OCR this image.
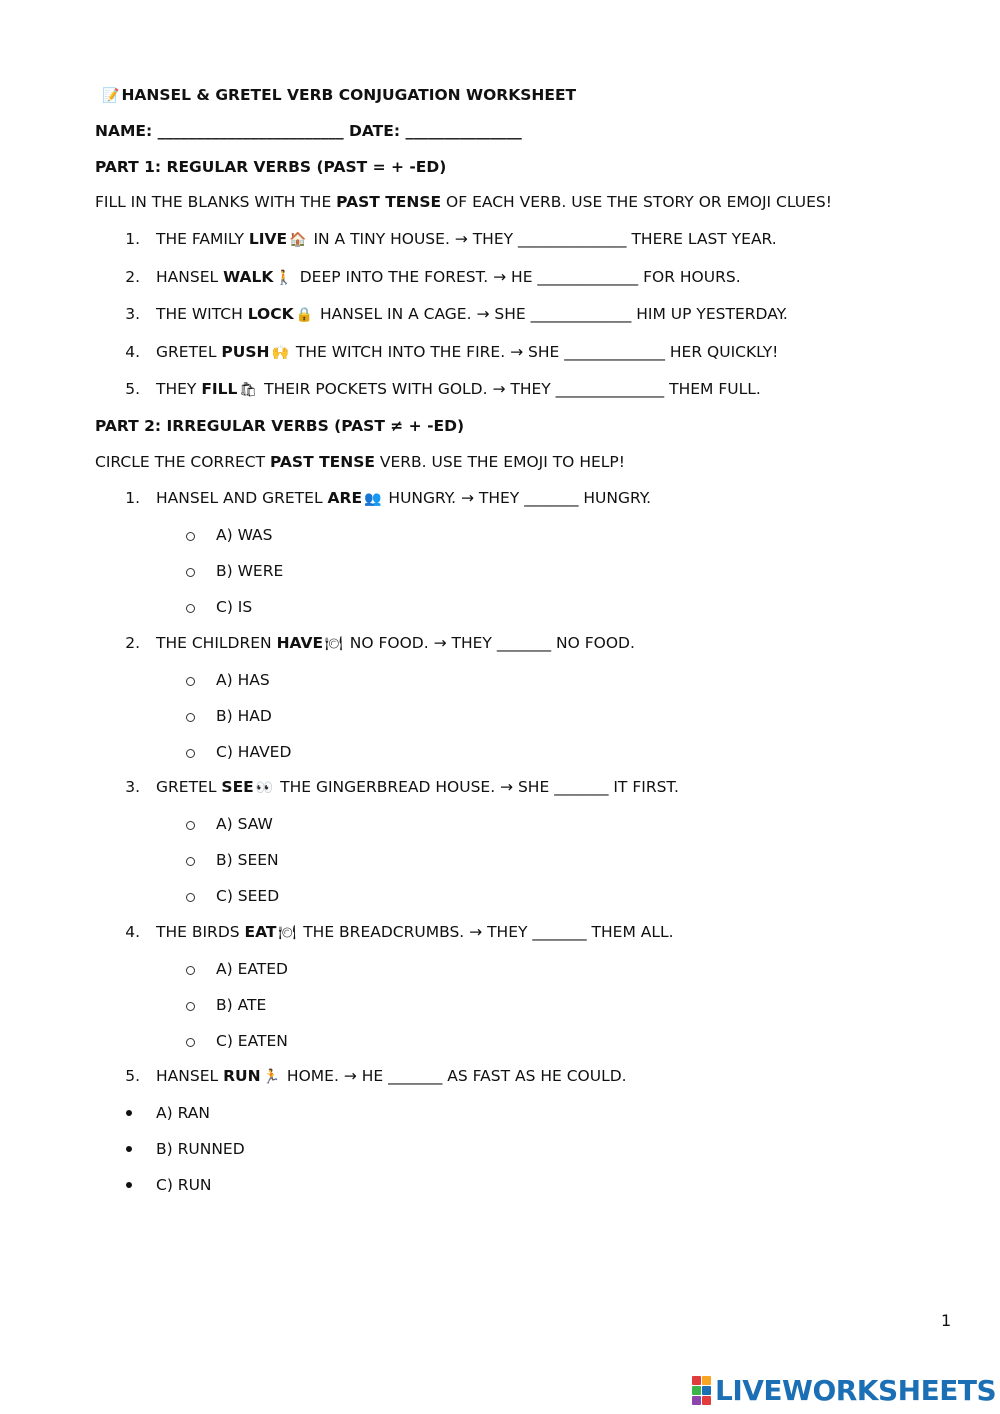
📝 HANSEL & GRETEL VERB CONJUGATION WORKSHEET
NAME: ________________________ DATE: _______________
PART 1: REGULAR VERBS (PAST = + -ED)
FILL IN THE BLANKS WITH THE PAST TENSE OF EACH VERB. USE THE STORY OR EMOJI CLUES!
1. THE FAMILY LIVE 🏠 IN A TINY HOUSE. → THEY ______________ THERE LAST YEAR.
2. HANSEL WALK 🚶 DEEP INTO THE FOREST. → HE _____________ FOR HOURS.
3. THE WITCH LOCK 🔒 HANSEL IN A CAGE. → SHE _____________ HIM UP YESTERDAY.
4. GRETEL PUSH 🙌 THE WITCH INTO THE FIRE. → SHE _____________ HER QUICKLY!
5. THEY FILL 🛍 THEIR POCKETS WITH GOLD. → THEY ______________ THEM FULL.
PART 2: IRREGULAR VERBS (PAST ≠ + -ED)
CIRCLE THE CORRECT PAST TENSE VERB. USE THE EMOJI TO HELP!
1. HANSEL AND GRETEL ARE 👥 HUNGRY. → THEY _______ HUNGRY.
A) WAS
B) WERE
C) IS
2. THE CHILDREN HAVE 🍽 NO FOOD. → THEY _______ NO FOOD.
A) HAS
B) HAD
C) HAVED
3. GRETEL SEE 👀 THE GINGERBREAD HOUSE. → SHE _______ IT FIRST.
A) SAW
B) SEEN
C) SEED
4. THE BIRDS EAT 🍽 THE BREADCRUMBS. → THEY _______ THEM ALL.
A) EATED
B) ATE
C) EATEN
5. HANSEL RUN 🏃 HOME. → HE _______ AS FAST AS HE COULD.
A) RAN
B) RUNNED
C) RUN
1
LIVEWORKSHEETS
